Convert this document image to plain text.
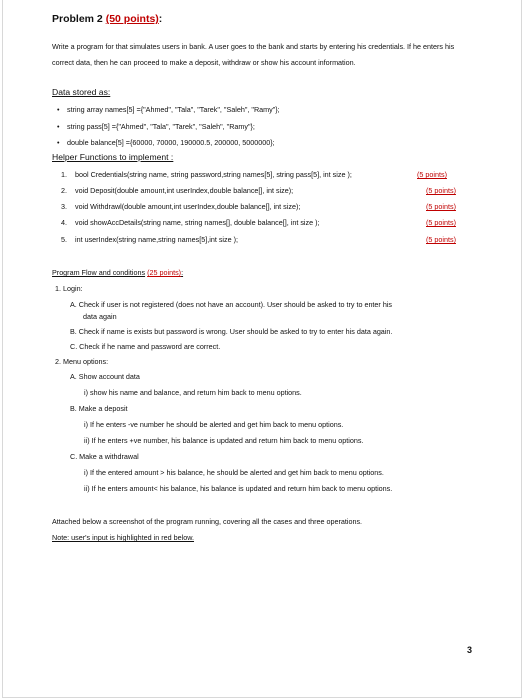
Problem 2 (50 points):
Write a program for that simulates users in bank. A user goes to the bank and starts by entering his credentials. If he enters his correct data, then he can proceed to make a deposit, withdraw or show his account information.
Data stored as:
• string array names[5] ={"Ahmed", "Tala", "Tarek", "Saleh", "Ramy"};
• string pass[5] ={"Ahmed", "Tala", "Tarek", "Saleh", "Ramy"};
• double balance[5] ={60000, 70000, 190000.5, 200000, 5000000};
Helper Functions to implement :
1. bool Credentials(string name, string password,string names[5], string pass[5], int size );	(5 points)
2. void Deposit(double amount,int userIndex,double balance[], int size);	(5 points)
3. void Withdrawl(double amount,int userIndex,double balance[], int size);	(5 points)
4. void showAccDetails(string name, string names[], double balance[], int size );	(5 points)
5. int userIndex(string name,string names[5],int size );	(5 points)
Program Flow and conditions (25 points):
1. Login:
A. Check if user is not registered (does not have an account). User should be asked to try to enter his
data again
B. Check if name is exists but password is wrong. User should be asked to try to enter his data again.
C. Check if he name and password are correct.
2. Menu options:
A. Show account data
i) show his name and balance, and return him back to menu options.
B. Make a deposit
i) If he enters -ve number he should be alerted and get him back to menu options.
ii) If he enters +ve number, his balance is updated and return him back to menu options.
C. Make a withdrawal
i) If the entered amount > his balance, he should be alerted and get him back to menu options.
ii) If he enters amount< his balance, his balance is updated and return him back to menu options.
Attached below a screenshot of the program running, covering all the cases and three operations.
Note: user's input is highlighted in red below.
3
